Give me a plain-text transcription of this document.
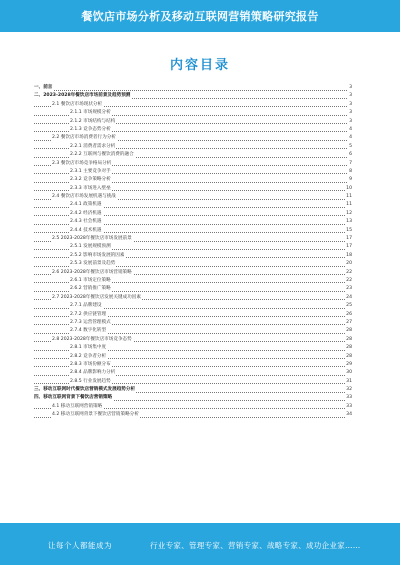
餐饮店市场分析及移动互联网营销策略研究报告
内容目录
一、前言	3
二、2023-2028年餐饮店市场前景及趋势预测	3
2.1 餐饮店市场现状分析	3
2.1.1 市场规模分析	3
2.1.2 市场结构与结构	3
2.1.3 竞争态势分析	4
2.2 餐饮店市场消费者行为分析	4
2.2.1 消费者需求分析	5
2.2.2 互联网与餐饮消费的融合	6
2.3 餐饮店市场竞争格局分析	7
2.3.1 主要竞争对手	8
2.3.2 竞争策略分析	9
2.3.3 市场进入壁垒	10
2.4 餐饮店市场发展机遇与挑战	11
2.4.1 政策机遇	11
2.4.2 经济机遇	12
2.4.3 社会机遇	13
2.4.4 技术机遇	15
2.5 2023-2028年餐饮店市场发展前景	17
2.5.1 发展规模预测	17
2.5.2 影响市场发展的因素	18
2.5.3 发展前景及趋势	20
2.6 2023-2028年餐饮店市场营销策略	22
2.6.1 市场定位策略	22
2.6.2 营销推广策略	23
2.7 2023-2028年餐饮店发展关键成功因素	24
2.7.1 品牌建设	25
2.7.2 供应链管理	26
2.7.3 运营管理模式	27
2.7.4 数字化转型	28
2.8 2023-2028年餐饮店市场竞争态势	28
2.8.1 市场集中度	28
2.8.2 竞争者分析	28
2.8.3 市场份额分布	29
2.8.4 品牌影响力分析	30
2.8.5 行业发展趋势	31
三、移动互联网时代餐饮店营销模式发展趋势分析	32
四、移动互联网背景下餐饮店营销策略	33
4.1 移动互联网营销策略	33
4.2 移动互联网背景下餐饮店营销策略分析	34
让每个人都能成为	行业专家、管理专家、营销专家、战略专家、成功企业家……
